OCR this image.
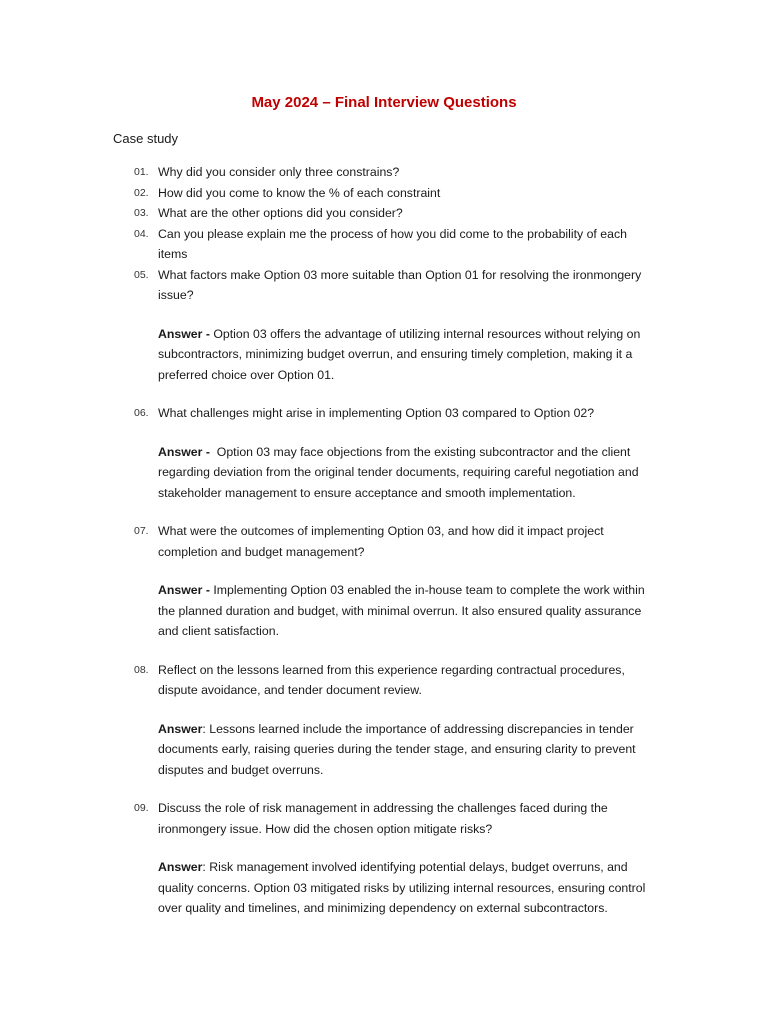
May 2024 – Final Interview Questions
Case study
01. Why did you consider only three constrains?
02. How did you come to know the % of each constraint
03. What are the other options did you consider?
04. Can you please explain me the process of how you did come to the probability of each items
05. What factors make Option 03 more suitable than Option 01 for resolving the ironmongery issue?
Answer - Option 03 offers the advantage of utilizing internal resources without relying on subcontractors, minimizing budget overrun, and ensuring timely completion, making it a preferred choice over Option 01.
06. What challenges might arise in implementing Option 03 compared to Option 02?
Answer -  Option 03 may face objections from the existing subcontractor and the client regarding deviation from the original tender documents, requiring careful negotiation and stakeholder management to ensure acceptance and smooth implementation.
07. What were the outcomes of implementing Option 03, and how did it impact project completion and budget management?
Answer - Implementing Option 03 enabled the in-house team to complete the work within the planned duration and budget, with minimal overrun. It also ensured quality assurance and client satisfaction.
08. Reflect on the lessons learned from this experience regarding contractual procedures, dispute avoidance, and tender document review.
Answer: Lessons learned include the importance of addressing discrepancies in tender documents early, raising queries during the tender stage, and ensuring clarity to prevent disputes and budget overruns.
09. Discuss the role of risk management in addressing the challenges faced during the ironmongery issue. How did the chosen option mitigate risks?
Answer: Risk management involved identifying potential delays, budget overruns, and quality concerns. Option 03 mitigated risks by utilizing internal resources, ensuring control over quality and timelines, and minimizing dependency on external subcontractors.
